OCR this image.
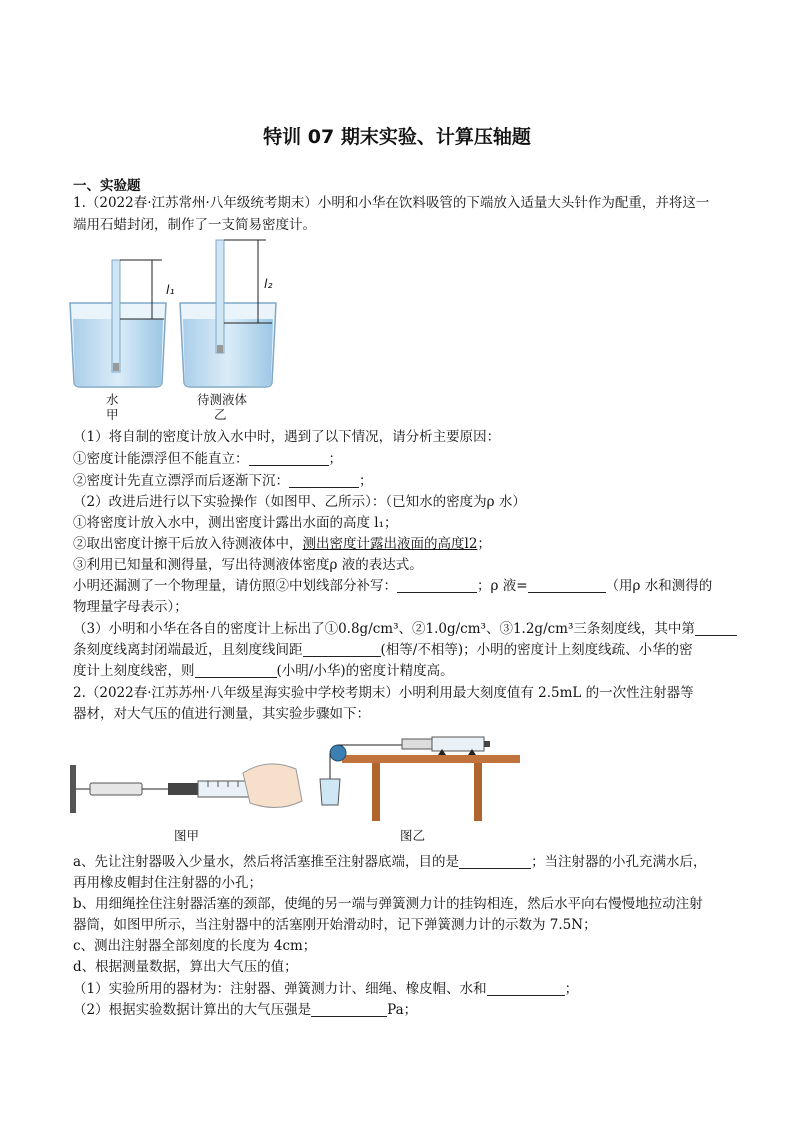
特训 07 期末实验、计算压轴题
一、实验题
1.（2022春·江苏常州·八年级统考期末）小明和小华在饮料吸管的下端放入适量大头针作为配重，并将这一
端用石蜡封闭，制作了一支简易密度计。
l₁	l₂
水
甲
待测液体
乙
（1）将自制的密度计放入水中时，遇到了以下情况，请分析主要原因：
①密度计能漂浮但不能直立：	；
②密度计先直立漂浮而后逐渐下沉：	；
（2）改进后进行以下实验操作（如图甲、乙所示）：（已知水的密度为ρ 水）
①将密度计放入水中，测出密度计露出水面的高度 l₁；
②取出密度计擦干后放入待测液体中，测出密度计露出液面的高度l2；
③利用已知量和测得量，写出待测液体密度ρ 液的表达式。
小明还漏测了一个物理量，请仿照②中划线部分补写：	；ρ 液=	（用ρ 水和测得的
物理量字母表示）；
（3）小明和小华在各自的密度计上标出了①0.8g/cm³、②1.0g/cm³、③1.2g/cm³三条刻度线，其中第
条刻度线离封闭端最近，且刻度线间距	(相等/不相等)；小明的密度计上刻度线疏、小华的密
度计上刻度线密，则	(小明/小华)的密度计精度高。
2.（2022春·江苏苏州·八年级星海实验中学校考期末）小明利用最大刻度值有 2.5mL 的一次性注射器等
器材，对大气压的值进行测量，其实验步骤如下：
图甲	图乙
a、先让注射器吸入少量水，然后将活塞推至注射器底端，目的是	；当注射器的小孔充满水后，
再用橡皮帽封住注射器的小孔；
b、用细绳拴住注射器活塞的颈部，使绳的另一端与弹簧测力计的挂钩相连，然后水平向右慢慢地拉动注射
器筒，如图甲所示，当注射器中的活塞刚开始滑动时，记下弹簧测力计的示数为 7.5N；
c、测出注射器全部刻度的长度为 4cm；
d、根据测量数据，算出大气压的值；
（1）实验所用的器材为：注射器、弹簧测力计、细绳、橡皮帽、水和	；
（2）根据实验数据计算出的大气压强是	Pa；
